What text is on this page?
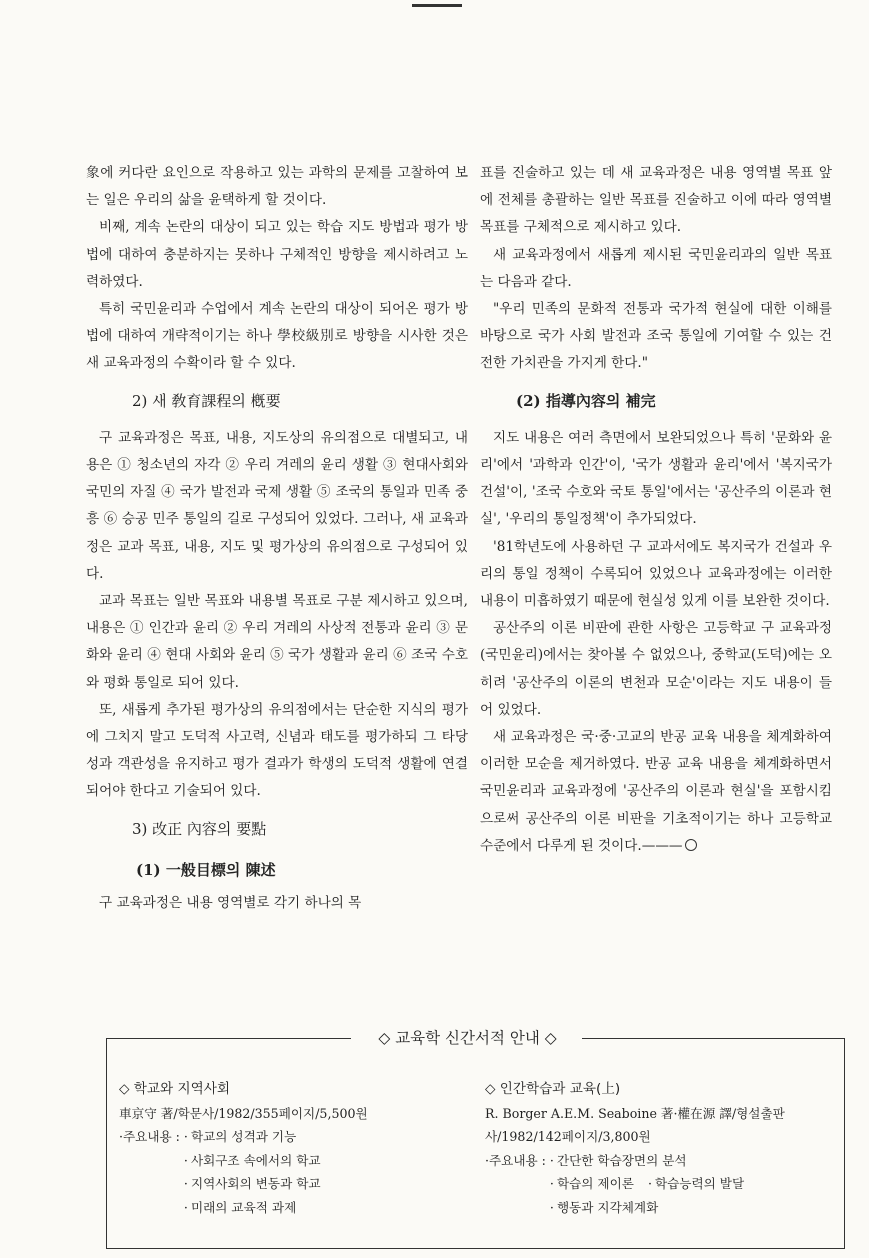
象에 커다란 요인으로 작용하고 있는 과학의 문제를 고찰하여 보는 일은 우리의 삶을 윤택하게 할 것이다.

비째, 계속 논란의 대상이 되고 있는 학습 지도 방법과 평가 방법에 대하여 충분하지는 못하나 구체적인 방향을 제시하려고 노력하였다.

특히 국민윤리과 수업에서 계속 논란의 대상이 되어온 평가 방법에 대하여 개략적이기는 하나 學校級別로 방향을 시사한 것은 새 교육과정의 수확이라 할 수 있다.

2) 새 敎育課程의 槪要

구 교육과정은 목표, 내용, 지도상의 유의점으로 대별되고, 내용은 ① 청소년의 자각 ② 우리 겨레의 윤리 생활 ③ 현대사회와 국민의 자질 ④ 국가 발전과 국제 생활 ⑤ 조국의 통일과 민족 중흥 ⑥ 승공 민주 통일의 길로 구성되어 있었다. 그러나, 새 교육과정은 교과 목표, 내용, 지도 및 평가상의 유의점으로 구성되어 있다.

교과 목표는 일반 목표와 내용별 목표로 구분 제시하고 있으며, 내용은 ① 인간과 윤리 ② 우리 겨레의 사상적 전통과 윤리 ③ 문화와 윤리 ④ 현대 사회와 윤리 ⑤ 국가 생활과 윤리 ⑥ 조국 수호와 평화 통일로 되어 있다.

또, 새롭게 추가된 평가상의 유의점에서는 단순한 지식의 평가에 그치지 말고 도덕적 사고력, 신념과 태도를 평가하되 그 타당성과 객관성을 유지하고 평가 결과가 학생의 도덕적 생활에 연결되어야 한다고 기술되어 있다.

3) 改正 內容의 要點
(1) 一般目標의 陳述

구 교육과정은 내용 영역별로 각기 하나의 목

표를 진술하고 있는 데 새 교육과정은 내용 영역별 목표 앞에 전체를 총괄하는 일반 목표를 진술하고 이에 따라 영역별 목표를 구체적으로 제시하고 있다.

새 교육과정에서 새롭게 제시된 국민윤리과의 일반 목표는 다음과 같다.

"우리 민족의 문화적 전통과 국가적 현실에 대한 이해를 바탕으로 국가 사회 발전과 조국 통일에 기여할 수 있는 건전한 가치관을 가지게 한다."

(2) 指導內容의 補完

지도 내용은 여러 측면에서 보완되었으나 특히 '문화와 윤리'에서 '과학과 인간'이, '국가 생활과 윤리'에서 '복지국가 건설'이, '조국 수호와 국토 통일'에서는 '공산주의 이론과 현실', '우리의 통일정책'이 추가되었다.

'81학년도에 사용하던 구 교과서에도 복지국가 건설과 우리의 통일 정책이 수록되어 있었으나 교육과정에는 이러한 내용이 미흡하였기 때문에 현실성 있게 이를 보완한 것이다.

공산주의 이론 비판에 관한 사항은 고등학교 구 교육과정(국민윤리)에서는 찾아볼 수 없었으나, 중학교(도덕)에는 오히려 '공산주의 이론의 변천과 모순'이라는 지도 내용이 들어 있었다.

새 교육과정은 국·중·고교의 반공 교육 내용을 체계화하여 이러한 모순을 제거하였다. 반공 교육 내용을 체계화하면서 국민윤리과 교육과정에 '공산주의 이론과 현실'을 포함시킴으로써 공산주의 이론 비판을 기초적이기는 하나 고등학교 수준에서 다루게 된 것이다.———

◇ 교육학 신간서적 안내 ◇
◇ 학교와 지역사회
車京守 著/학문사/1982/355페이지/5,500원
·주요내용 : · 학교의 성격과 기능
· 사회구조 속에서의 학교
· 지역사회의 변동과 학교
· 미래의 교육적 과제
◇ 인간학습과 교육(上)
R. Borger A.E.M. Seaboine 著·權在源 譯/형설출판사/1982/142페이지/3,800원
·주요내용 : · 간단한 학습장면의 분석
· 학습의 제이론	· 학습능력의 발달
· 행동과 지각체계화
